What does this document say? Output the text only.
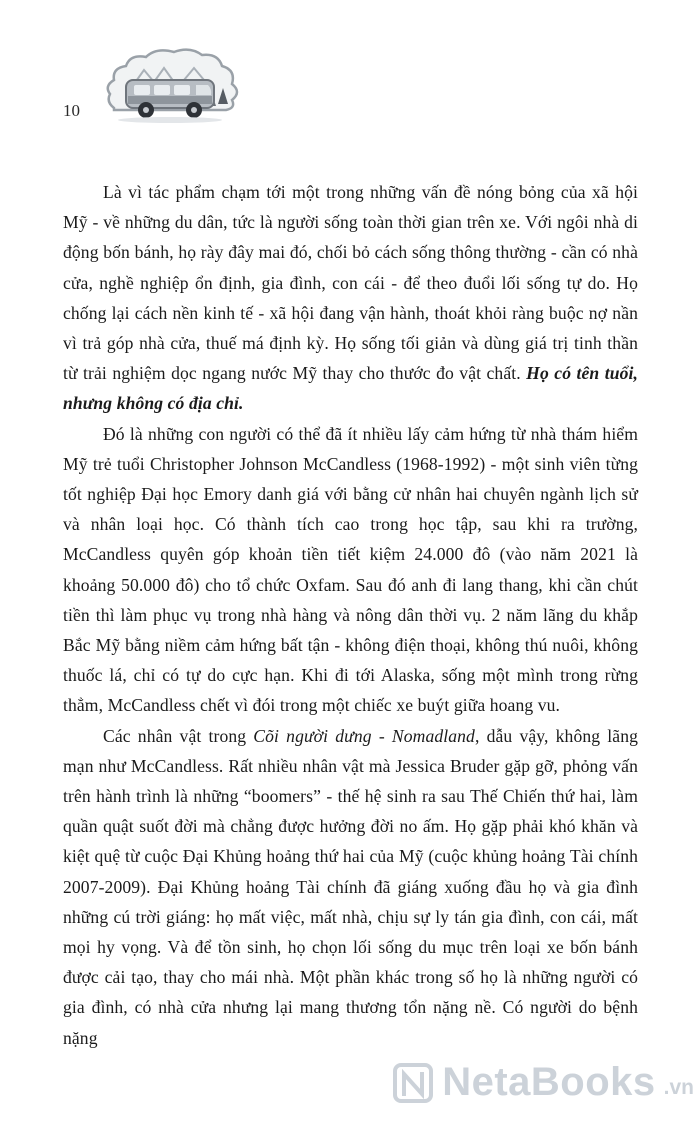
10

Là vì tác phẩm chạm tới một trong những vấn đề nóng bỏng của xã hội Mỹ - về những du dân, tức là người sống toàn thời gian trên xe. Với ngôi nhà di động bốn bánh, họ rày đây mai đó, chối bỏ cách sống thông thường - cần có nhà cửa, nghề nghiệp ổn định, gia đình, con cái - để theo đuổi lối sống tự do. Họ chống lại cách nền kinh tế - xã hội đang vận hành, thoát khỏi ràng buộc nợ nần vì trả góp nhà cửa, thuế má định kỳ. Họ sống tối giản và dùng giá trị tinh thần từ trải nghiệm dọc ngang nước Mỹ thay cho thước đo vật chất. Họ có tên tuổi, nhưng không có địa chỉ.

Đó là những con người có thể đã ít nhiều lấy cảm hứng từ nhà thám hiểm Mỹ trẻ tuổi Christopher Johnson McCandless (1968-1992) - một sinh viên từng tốt nghiệp Đại học Emory danh giá với bằng cử nhân hai chuyên ngành lịch sử và nhân loại học. Có thành tích cao trong học tập, sau khi ra trường, McCandless quyên góp khoản tiền tiết kiệm 24.000 đô (vào năm 2021 là khoảng 50.000 đô) cho tổ chức Oxfam. Sau đó anh đi lang thang, khi cần chút tiền thì làm phục vụ trong nhà hàng và nông dân thời vụ. 2 năm lãng du khắp Bắc Mỹ bằng niềm cảm hứng bất tận - không điện thoại, không thú nuôi, không thuốc lá, chỉ có tự do cực hạn. Khi đi tới Alaska, sống một mình trong rừng thẳm, McCandless chết vì đói trong một chiếc xe buýt giữa hoang vu.

Các nhân vật trong Cõi người dưng - Nomadland, dẫu vậy, không lãng mạn như McCandless. Rất nhiều nhân vật mà Jessica Bruder gặp gỡ, phỏng vấn trên hành trình là những “boomers” - thế hệ sinh ra sau Thế Chiến thứ hai, làm quần quật suốt đời mà chẳng được hưởng đời no ấm. Họ gặp phải khó khăn và kiệt quệ từ cuộc Đại Khủng hoảng thứ hai của Mỹ (cuộc khủng hoảng Tài chính 2007-2009). Đại Khủng hoảng Tài chính đã giáng xuống đầu họ và gia đình những cú trời giáng: họ mất việc, mất nhà, chịu sự ly tán gia đình, con cái, mất mọi hy vọng. Và để tồn sinh, họ chọn lối sống du mục trên loại xe bốn bánh được cải tạo, thay cho mái nhà. Một phần khác trong số họ là những người có gia đình, có nhà cửa nhưng lại mang thương tổn nặng nề. Có người do bệnh nặng

NetaBooks .vn
